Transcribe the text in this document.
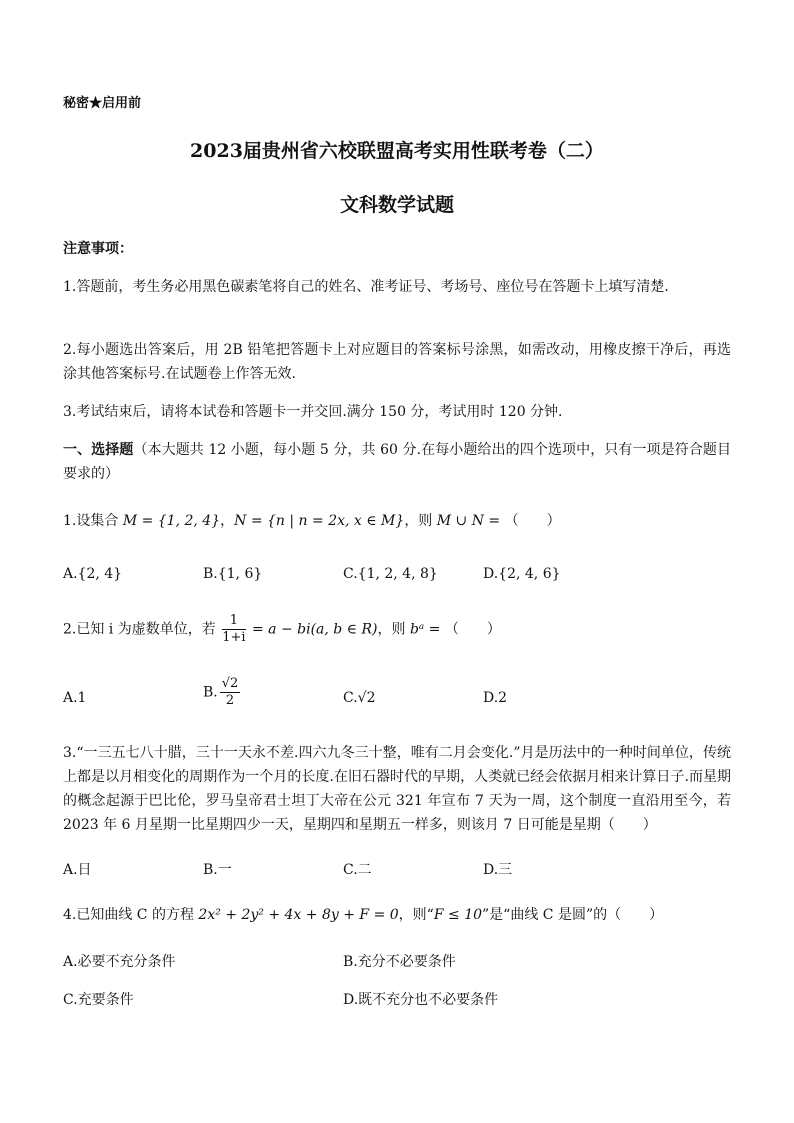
秘密★启用前
2023届贵州省六校联盟高考实用性联考卷（二）
文科数学试题
注意事项：
1.答题前，考生务必用黑色碳素笔将自己的姓名、准考证号、考场号、座位号在答题卡上填写清楚.
2.每小题选出答案后，用 2B 铅笔把答题卡上对应题目的答案标号涂黑，如需改动，用橡皮擦干净后，再选涂其他答案标号.在试题卷上作答无效.
3.考试结束后，请将本试卷和答题卡一并交回.满分 150 分，考试用时 120 分钟.
一、选择题（本大题共 12 小题，每小题 5 分，共 60 分.在每小题给出的四个选项中，只有一项是符合题目要求的）
1.设集合 M = {1, 2, 4}，N = {n | n = 2x, x ∈ M}，则 M ∪ N = （　　）
A.{2, 4}	B.{1, 6}	C.{1, 2, 4, 8}	D.{2, 4, 6}
2.已知 i 为虚数单位，若 $\frac{1}{1+i} = a - bi(a$, b ∈ R)，则 bᵃ = （　　）
A.1	B. $\frac{√2}{2}$	C.√2	D.2
3.“一三五七八十腊，三十一天永不差.四六九冬三十整，唯有二月会变化.”月是历法中的一种时间单位，传统上都是以月相变化的周期作为一个月的长度.在旧石器时代的早期，人类就已经会依据月相来计算日子.而星期的概念起源于巴比伦，罗马皇帝君士坦丁大帝在公元 321 年宣布 7 天为一周，这个制度一直沿用至今，若 2023 年 6 月星期一比星期四少一天，星期四和星期五一样多，则该月 7 日可能是星期（　　）
A.日	B.一	C.二	D.三
4.已知曲线 C 的方程 2x² + 2y² + 4x + 8y + F = 0，则“F ≤ 10”是“曲线 C 是圆”的（　　）
A.必要不充分条件	B.充分不必要条件
C.充要条件	D.既不充分也不必要条件
